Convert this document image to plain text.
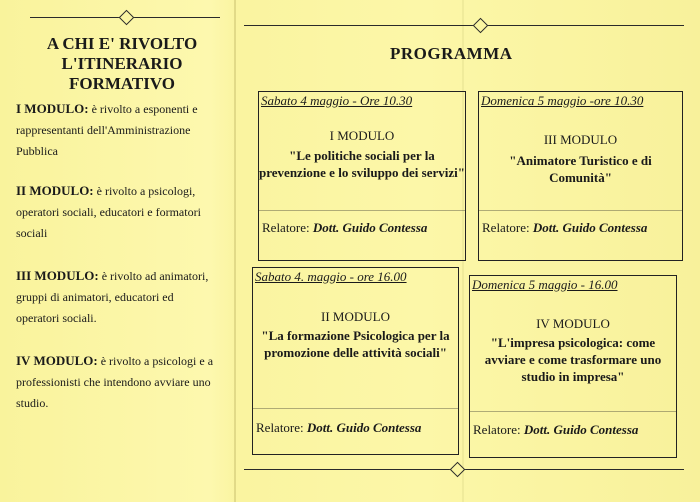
A CHI E' RIVOLTO
L'ITINERARIO
FORMATIVO
I MODULO: è rivolto a esponenti e rappresentanti dell'Amministrazione Pubblica
II MODULO: è rivolto a psicologi, operatori sociali, educatori e formatori sociali
III MODULO: è rivolto ad animatori, gruppi di animatori, educatori ed operatori sociali.
IV MODULO: è rivolto a psicologi e a professionisti che intendono avviare uno studio.
PROGRAMMA
Sabato 4 maggio - Ore 10.30
I MODULO
"Le politiche sociali per la prevenzione e lo sviluppo dei servizi"
Relatore: Dott. Guido Contessa
Domenica 5 maggio -ore 10.30
III MODULO
"Animatore Turistico e di Comunità"
Relatore: Dott. Guido Contessa
Sabato 4. maggio - ore 16.00
II MODULO
"La formazione Psicologica per la promozione delle attività sociali"
Relatore: Dott. Guido Contessa
Domenica 5 maggio - 16.00
IV MODULO
"L'impresa psicologica: come avviare e come trasformare uno studio in impresa"
Relatore: Dott. Guido Contessa
